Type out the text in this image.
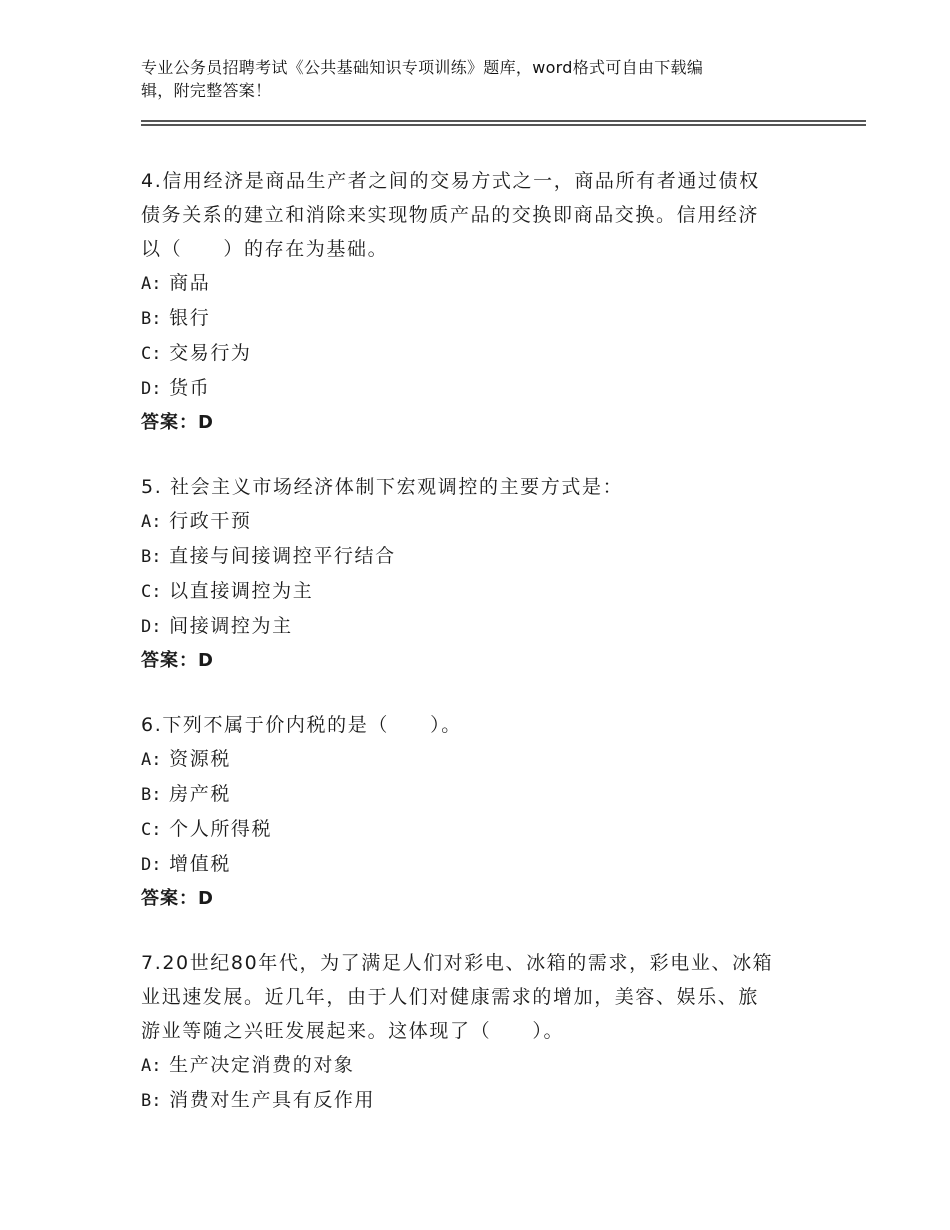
专业公务员招聘考试《公共基础知识专项训练》题库，word格式可自由下载编
辑，附完整答案！
4.信用经济是商品生产者之间的交易方式之一，商品所有者通过债权
债务关系的建立和消除来实现物质产品的交换即商品交换。信用经济
以（　　）的存在为基础。
A: 商品
B: 银行
C: 交易行为
D: 货币
答案：D
5. 社会主义市场经济体制下宏观调控的主要方式是：
A: 行政干预
B: 直接与间接调控平行结合
C: 以直接调控为主
D: 间接调控为主
答案：D
6.下列不属于价内税的是（　　）。
A: 资源税
B: 房产税
C: 个人所得税
D: 增值税
答案：D
7.20世纪80年代，为了满足人们对彩电、冰箱的需求，彩电业、冰箱
业迅速发展。近几年，由于人们对健康需求的增加，美容、娱乐、旅
游业等随之兴旺发展起来。这体现了（　　）。
A: 生产决定消费的对象
B: 消费对生产具有反作用
